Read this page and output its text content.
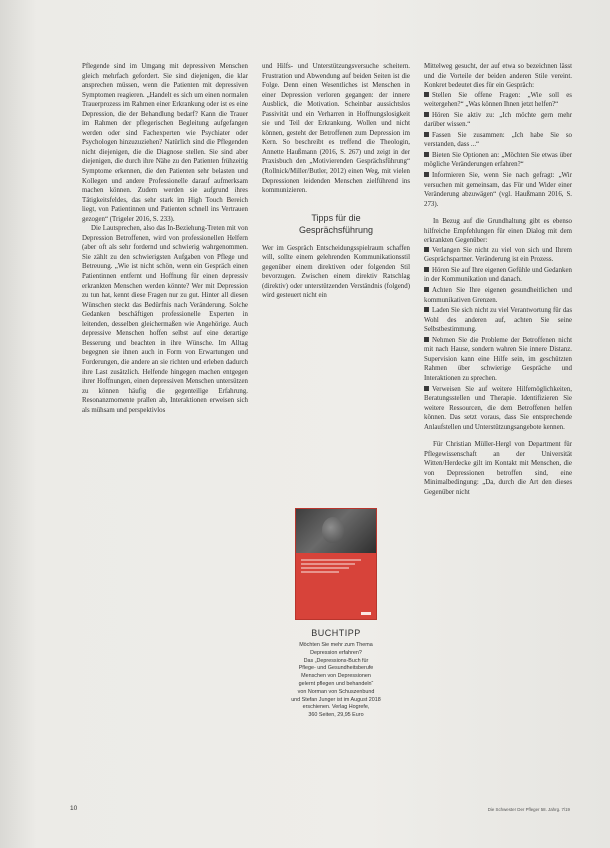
Pflegende sind im Umgang mit depressiven Menschen gleich mehrfach gefordert. Sie sind diejenigen, die klar ansprechen müssen, wenn die Patienten mit depressiven Symptomen reagieren. „Handelt es sich um einen normalen Trauerprozess im Rahmen einer Erkrankung oder ist es eine Depression, die der Behandlung bedarf? Kann die Trauer im Rahmen der pflegerischen Begleitung aufgefangen werden oder sind Fachexperten wie Psychiater oder Psychologen hinzuzuziehen? Natürlich sind die Pflegenden nicht diejenigen, die die Diagnose stellen. Sie sind aber diejenigen, die durch ihre Nähe zu den Patienten frühzeitig Symptome erkennen, die den Patienten sehr belasten und Kollegen und andere Professionelle darauf aufmerksam machen können. Zudem werden sie aufgrund ihres Tätigkeitsfeldes, das sehr stark im High Touch Bereich liegt, von Patientinnen und Patienten schnell ins Vertrauen gezogen“ (Trigeler 2016, S. 233).

Die Lautsprechen, also das In-Beziehung-Treten mit von Depression Betroffenen, wird von professionellen Helfern (aber oft als sehr fordernd und schwierig wahrgenommen. Sie zählt zu den schwierigsten Aufgaben von Pflege und Betreuung. „Wie ist nicht schön, wenn ein Gespräch einen Patientinnen entfernt und Hoffnung für einen depressiv erkrankten Menschen werden könnte? Wer mit Depression zu tun hat, kennt diese Fragen nur zu gut. Hinter all diesen Wünschen steckt das Bedürfnis nach Veränderung. Solche Gedanken beschäftigen professionelle Experten in leitenden, desselben gleichermaßen wie Angehörige. Auch depressive Menschen hoffen selbst auf eine derartige Besserung und beachten in ihre Wünsche. Im Alltag begegnen sie ihnen auch in Form von Erwartungen und Forderungen, die andere an sie richten und erleben dadurch ihre Last zusätzlich. Helfende hingegen machen entgegen ihrer Hoffnungen, einen depressiven Menschen untersützen zu können häufig die gegenteilige Erfahrung. Resonanzmomente prallen ab, Interaktionen erweisen sich als mühsam und perspektivlos

und Hilfs- und Unterstützungsversuche scheitern. Frustration und Abwendung auf beiden Seiten ist die Folge. Denn einen Wesentliches ist Menschen in einer Depression verloren gegangen: der innere Ausblick, die Motivation. Scheinbar aussichtslos Passivität und ein Verharren in Hoffnungslosigkeit sie und Teil der Erkrankung. Wollen und nicht können, gesteht der Betroffenen zum Depression im Kern. So beschreibt es treffend die Theologin, Annette Haußmann (2016, S. 267) und zeigt in der Praxisbuch den „Motivierenden Gesprächsführung“ (Rollnick/Miller/Butler, 2012) einen Weg, mit vielen Depressionen leidenden Menschen zielführend ins kommunizieren.

Tipps für die
Gesprächsführung

Wer im Gespräch Entscheidungsspielraum schaffen will, sollte einem gelehrenden Kommunikationsstil gegenüber einem direktiven oder folgenden Stil bevorzugen. Zwischen einem direktiv Ratschlag (direktiv) oder unterstützenden Verständnis (folgend) wird gesteuert nicht ein

BUCHTIPP
Möchten Sie mehr zum Thema
Depression erfahren?
Das „Depressions-Buch für
Pflege- und Gesundheitsberufe
Menschen von Depressionen
gelernt pflegen und behandeln“
von Norman von Schuszenbund
und Stefan Junger ist im August 2018
erschienen. Verlag Hogrefe,
360 Seiten, 29,95 Euro

Mittelweg gesucht, der auf etwa so bezeichnen lässt und die Vorteile der beiden anderen Stile vereint. Konkret bedeutet dies für ein Gespräch:

Stellen Sie offene Fragen: „Wie soll es weitergehen?“ „Was können Ihnen jetzt helfen?“

Hören Sie aktiv zu: „Ich möchte gern mehr darüber wissen.“

Fassen Sie zusammen: „Ich habe Sie so verstanden, dass ...“

Bieten Sie Optionen an: „Möchten Sie etwas über mögliche Veränderungen erfahren?“

Informieren Sie, wenn Sie nach gefragt: „Wir versuchen mit gemeinsam, das Für und Wider einer Veränderung abzuwägen“ (vgl. Haußmann 2016, S. 273).

In Bezug auf die Grundhaltung gibt es ebenso hilfreiche Empfehlungen für einen Dialog mit dem erkrankten Gegenüber:

Verlangen Sie nicht zu viel von sich und Ihrem Gesprächspartner. Veränderung ist ein Prozess.

Hören Sie auf Ihre eigenen Gefühle und Gedanken in der Kommunikation und danach.

Achten Sie Ihre eigenen gesundheitlichen und kommunikativen Grenzen.

Laden Sie sich nicht zu viel Verantwortung für das Wohl des anderen auf, achten Sie seine Selbstbestimmung.

Nehmen Sie die Probleme der Betroffenen nicht mit nach Hause, sondern wahren Sie innere Distanz. Supervision kann eine Hilfe sein, im geschützten Rahmen über schwierige Gespräche und Interaktionen zu sprechen.

Verweisen Sie auf weitere Hilfemöglichkeiten, Beratungsstellen und Therapie. Identifizieren Sie weitere Ressourcen, die dem Betroffenen helfen können. Das setzt voraus, dass Sie entsprechende Anlaufstellen und Unterstützungsangebote kennen.

Für Christian Müller-Hergl von Department für Pflegewissenschaft an der Universität Witten/Herdecke gilt im Kontakt mit Menschen, die von Depressionen betroffen sind, eine Minimalbedingung: „Da, durch die Art den dieses Gegenüber nicht

10	Die Schwester Der Pfleger 58. Jahrg. 7/19
